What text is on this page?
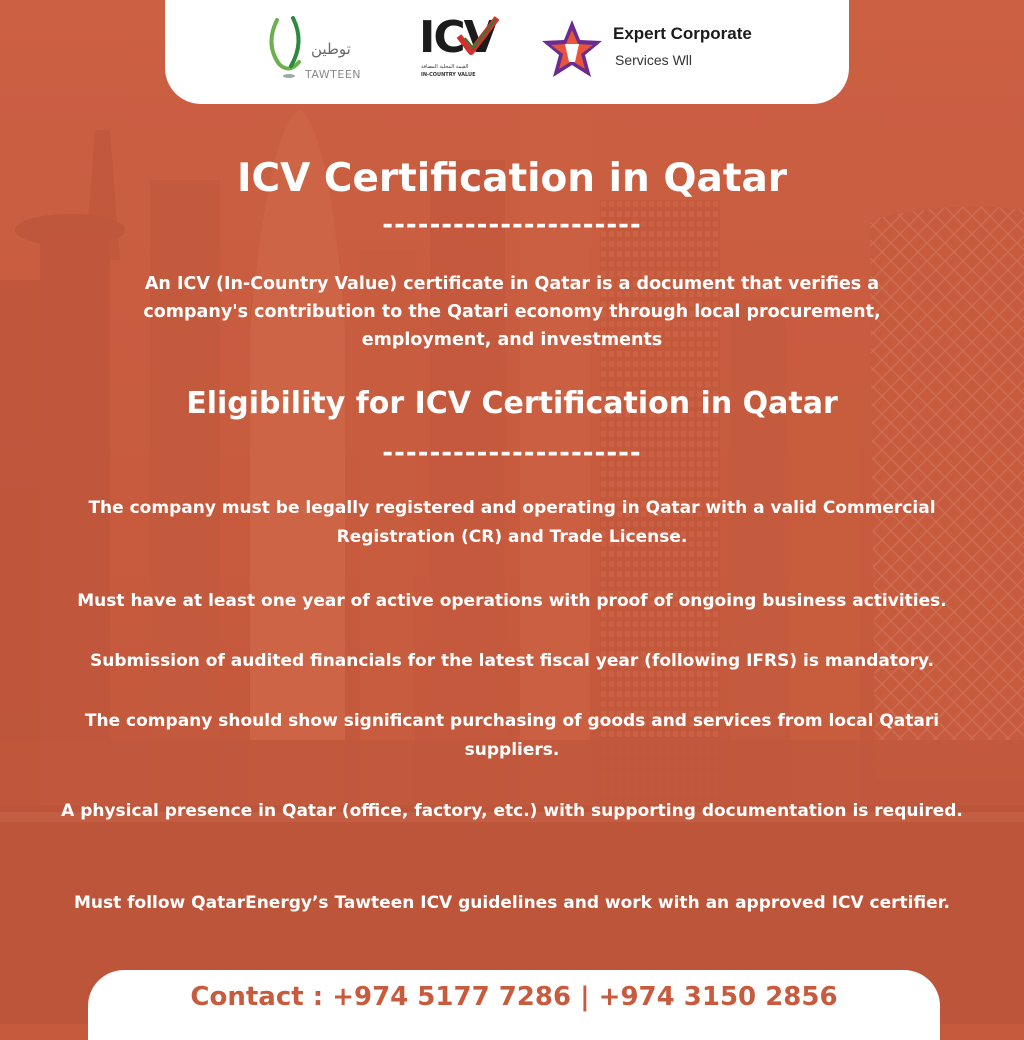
توطين
TAWTEEN
ICV
القيمة المحلية المضافة
IN-COUNTRY VALUE
Expert Corporate
Services Wll
ICV Certification in Qatar
----------------------
An ICV (In-Country Value) certificate in Qatar is a document that verifies a company's contribution to the Qatari economy through local procurement, employment, and investments
Eligibility for ICV Certification in Qatar
----------------------
The company must be legally registered and operating in Qatar with a valid Commercial Registration (CR) and Trade License.
Must have at least one year of active operations with proof of ongoing business activities.
Submission of audited financials for the latest fiscal year (following IFRS) is mandatory.
The company should show significant purchasing of goods and services from local Qatari suppliers.
A physical presence in Qatar (office, factory, etc.) with supporting documentation is required.
Must follow QatarEnergy’s Tawteen ICV guidelines and work with an approved ICV certifier.
Contact : +974 5177 7286 | +974 3150 2856
